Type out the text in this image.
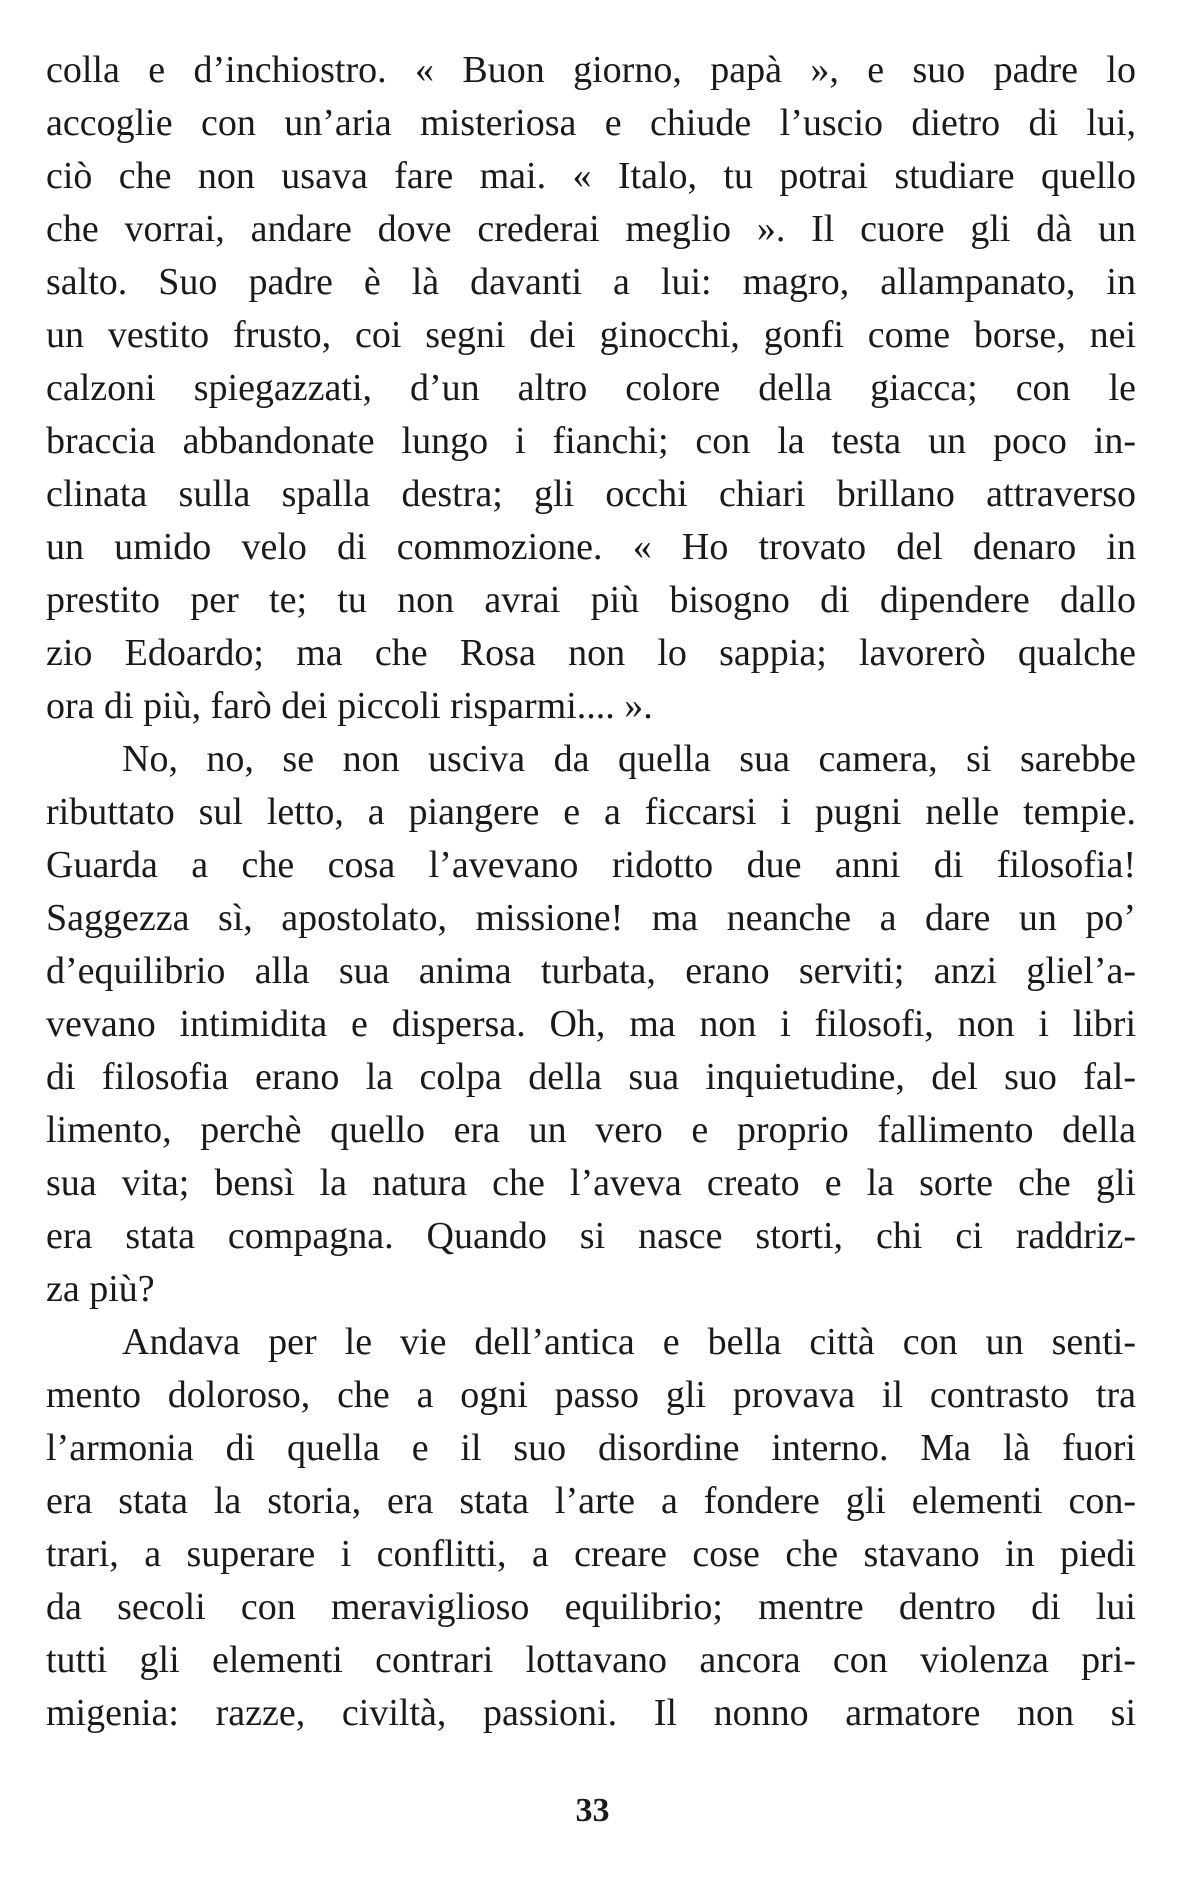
colla e d’inchiostro. « Buon giorno, papà », e suo padre lo
accoglie con un’aria misteriosa e chiude l’uscio dietro di lui,
ciò che non usava fare mai. « Italo, tu potrai studiare quello
che vorrai, andare dove crederai meglio ». Il cuore gli dà un
salto. Suo padre è là davanti a lui: magro, allampanato, in
un vestito frusto, coi segni dei ginocchi, gonfi come borse, nei
calzoni spiegazzati, d’un altro colore della giacca; con le
braccia abbandonate lungo i fianchi; con la testa un poco in-
clinata sulla spalla destra; gli occhi chiari brillano attraverso
un umido velo di commozione. « Ho trovato del denaro in
prestito per te; tu non avrai più bisogno di dipendere dallo
zio Edoardo; ma che Rosa non lo sappia; lavorerò qualche
ora di più, farò dei piccoli risparmi.... ».
No, no, se non usciva da quella sua camera, si sarebbe
ributtato sul letto, a piangere e a ficcarsi i pugni nelle tempie.
Guarda a che cosa l’avevano ridotto due anni di filosofia!
Saggezza sì, apostolato, missione! ma neanche a dare un po’
d’equilibrio alla sua anima turbata, erano serviti; anzi gliel’a-
vevano intimidita e dispersa. Oh, ma non i filosofi, non i libri
di filosofia erano la colpa della sua inquietudine, del suo fal-
limento, perchè quello era un vero e proprio fallimento della
sua vita; bensì la natura che l’aveva creato e la sorte che gli
era stata compagna. Quando si nasce storti, chi ci raddriz-
za più?
Andava per le vie dell’antica e bella città con un senti-
mento doloroso, che a ogni passo gli provava il contrasto tra
l’armonia di quella e il suo disordine interno. Ma là fuori
era stata la storia, era stata l’arte a fondere gli elementi con-
trari, a superare i conflitti, a creare cose che stavano in piedi
da secoli con meraviglioso equilibrio; mentre dentro di lui
tutti gli elementi contrari lottavano ancora con violenza pri-
migenia: razze, civiltà, passioni. Il nonno armatore non si
33
